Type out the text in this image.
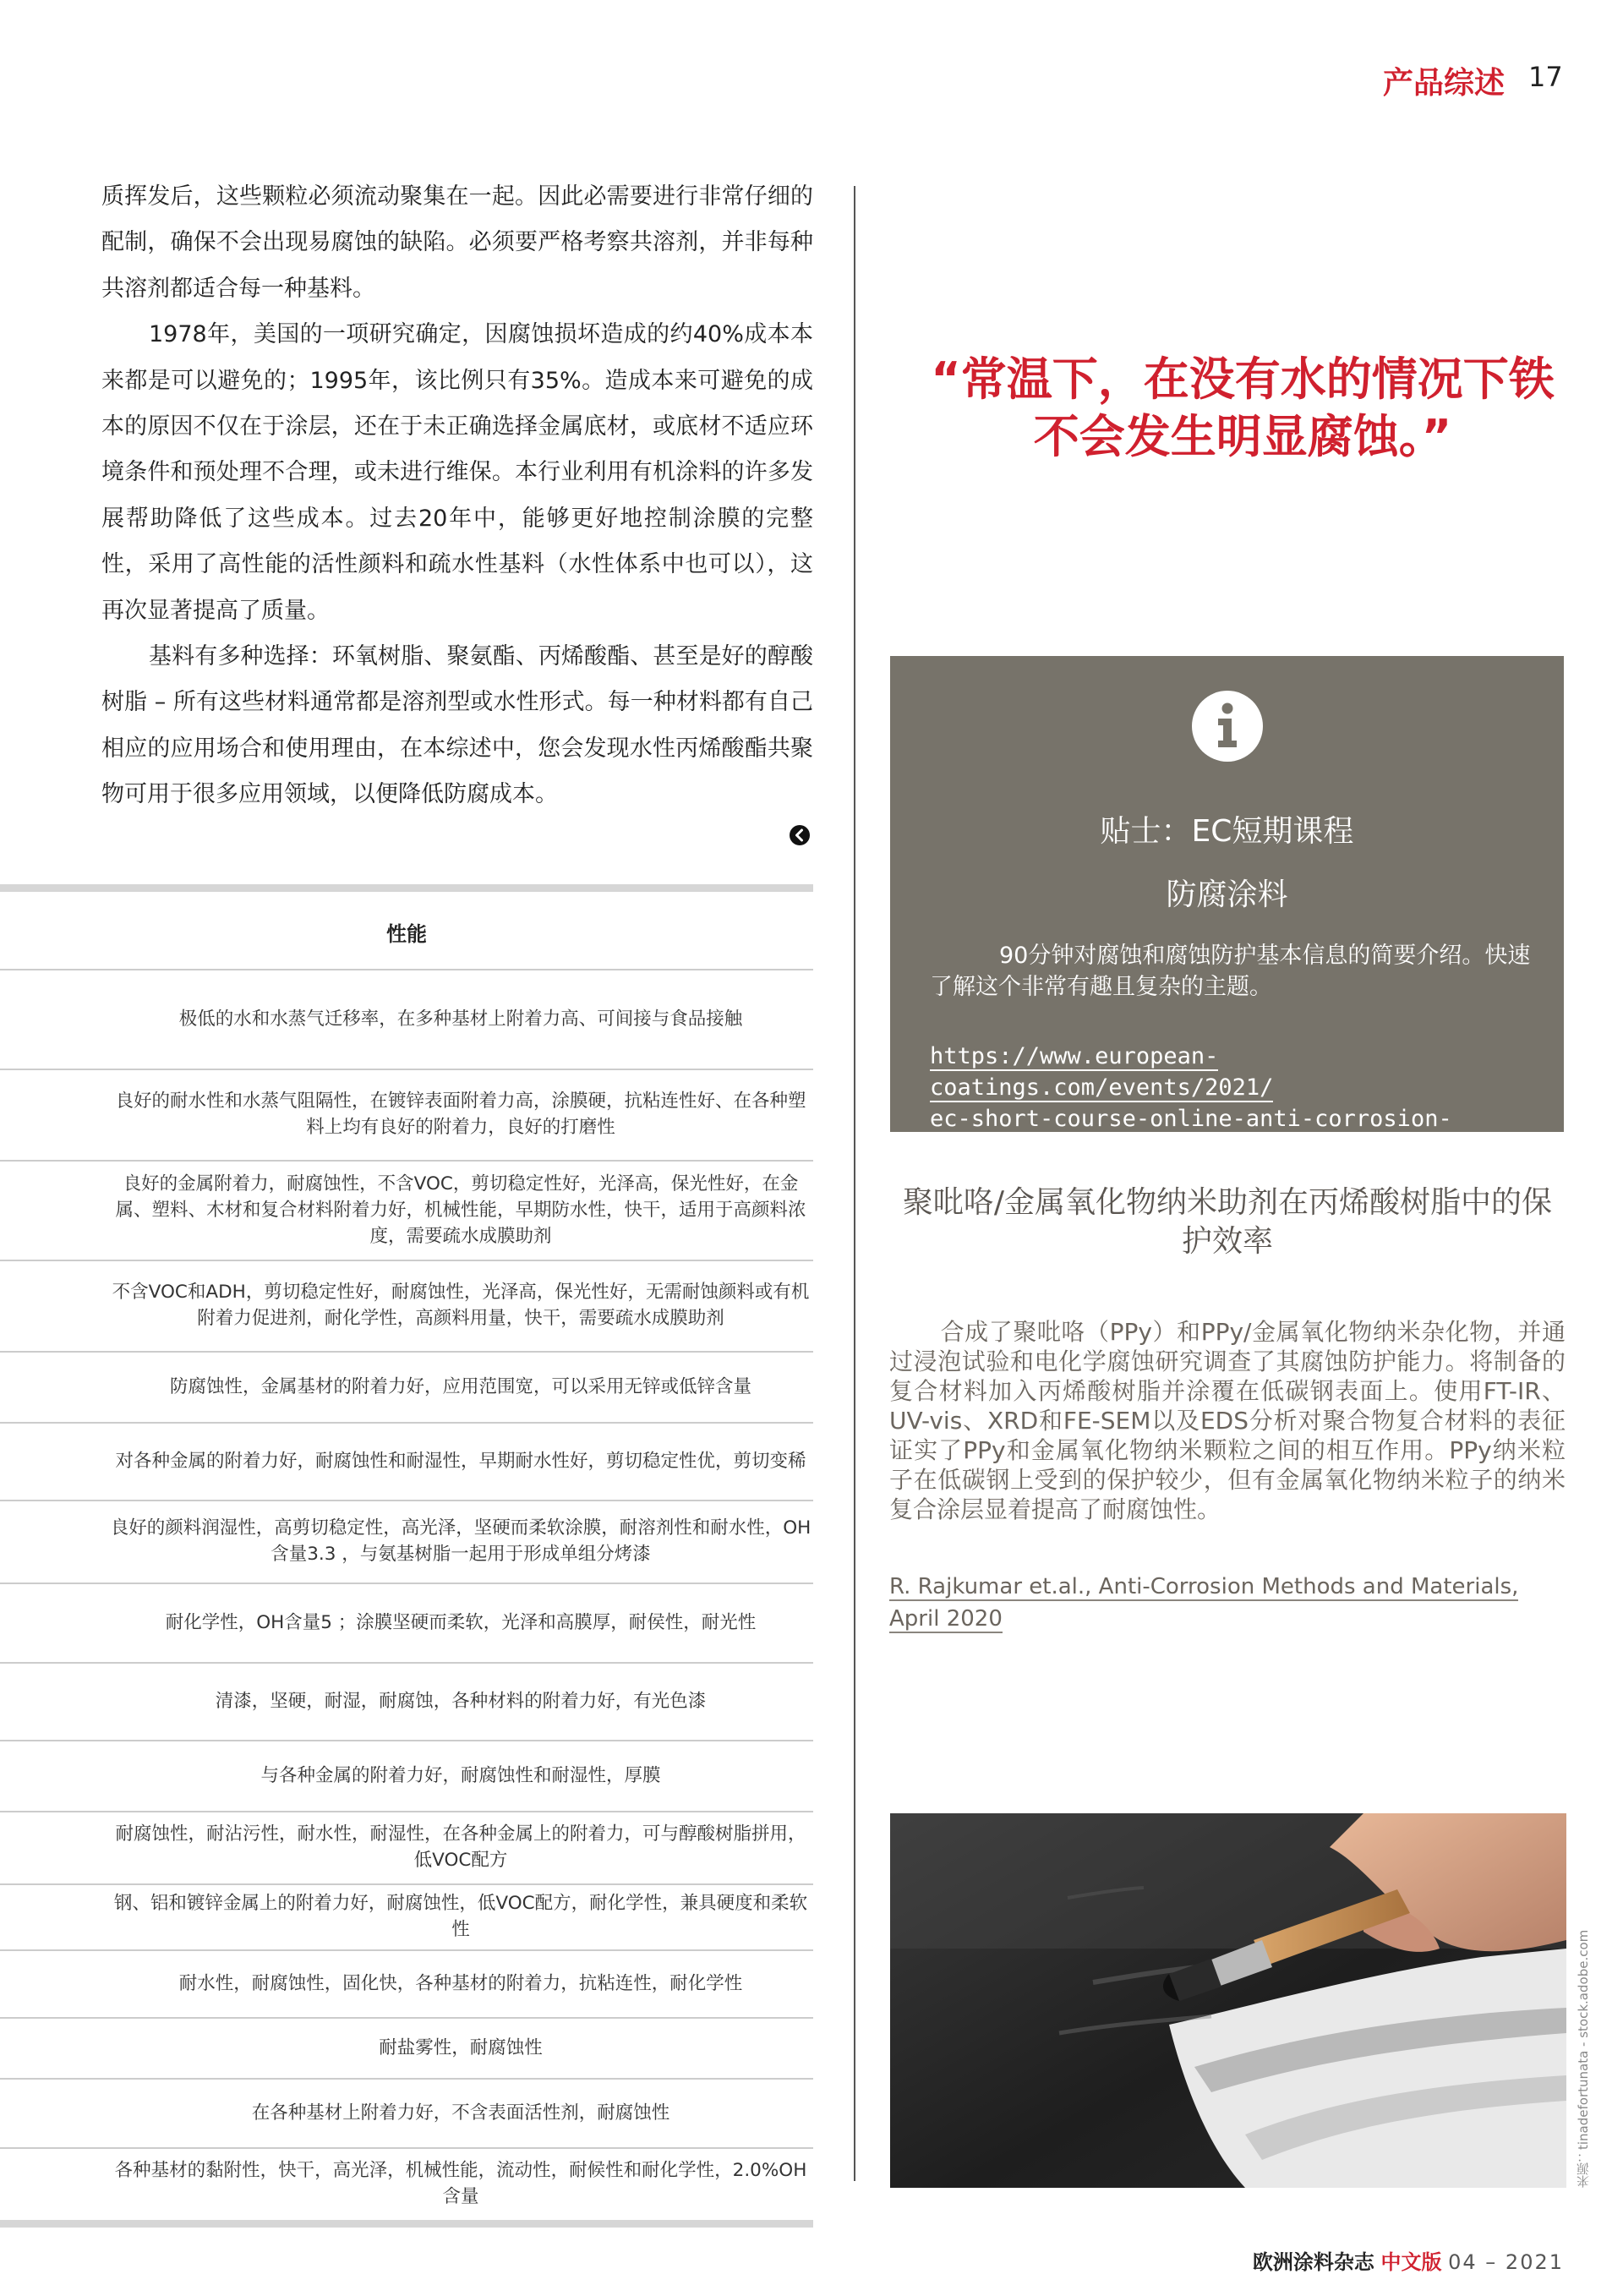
产品综述 17

质挥发后，这些颗粒必须流动聚集在一起。因此必需要进行非常仔细的配制，确保不会出现易腐蚀的缺陷。必须要严格考察共溶剂，并非每种共溶剂都适合每一种基料。

1978年，美国的一项研究确定，因腐蚀损坏造成的约40%成本本来都是可以避免的；1995年，该比例只有35%。造成本来可避免的成本的原因不仅在于涂层，还在于未正确选择金属底材，或底材不适应环境条件和预处理不合理，或未进行维保。本行业利用有机涂料的许多发展帮助降低了这些成本。过去20年中，能够更好地控制涂膜的完整性，采用了高性能的活性颜料和疏水性基料（水性体系中也可以），这再次显著提高了质量。

基料有多种选择：环氧树脂、聚氨酯、丙烯酸酯、甚至是好的醇酸树脂 – 所有这些材料通常都是溶剂型或水性形式。每一种材料都有自己相应的应用场合和使用理由，在本综述中，您会发现水性丙烯酸酯共聚物可用于很多应用领域，以便降低防腐成本。

性能
极低的水和水蒸气迁移率，在多种基材上附着力高、可间接与食品接触
良好的耐水性和水蒸气阻隔性，在镀锌表面附着力高，涂膜硬，抗粘连性好、在各种塑料上均有良好的附着力，良好的打磨性
良好的金属附着力，耐腐蚀性，不含VOC，剪切稳定性好，光泽高，保光性好，在金属、塑料、木材和复合材料附着力好，机械性能，早期防水性，快干，适用于高颜料浓度，需要疏水成膜助剂
不含VOC和ADH，剪切稳定性好，耐腐蚀性，光泽高，保光性好，无需耐蚀颜料或有机附着力促进剂，耐化学性，高颜料用量，快干，需要疏水成膜助剂
防腐蚀性，金属基材的附着力好，应用范围宽，可以采用无锌或低锌含量
对各种金属的附着力好，耐腐蚀性和耐湿性，早期耐水性好，剪切稳定性优，剪切变稀
良好的颜料润湿性，高剪切稳定性，高光泽，坚硬而柔软涂膜，耐溶剂性和耐水性，OH含量3.3 ，与氨基树脂一起用于形成单组分烤漆
耐化学性，OH含量5 ；涂膜坚硬而柔软，光泽和高膜厚，耐侯性，耐光性
清漆，坚硬，耐湿，耐腐蚀，各种材料的附着力好，有光色漆
与各种金属的附着力好，耐腐蚀性和耐湿性，厚膜
耐腐蚀性，耐沾污性，耐水性，耐湿性，在各种金属上的附着力，可与醇酸树脂拼用，低VOC配方
钢、铝和镀锌金属上的附着力好，耐腐蚀性，低VOC配方，耐化学性，兼具硬度和柔软性
耐水性，耐腐蚀性，固化快，各种基材的附着力，抗粘连性，耐化学性
耐盐雾性，耐腐蚀性
在各种基材上附着力好，不含表面活性剂，耐腐蚀性
各种基材的黏附性，快干，高光泽，机械性能，流动性，耐候性和耐化学性，2.0%OH含量
“常温下，在没有水的情况下铁不会发生明显腐蚀。”
贴士：EC短期课程
防腐涂料
90分钟对腐蚀和腐蚀防护基本信息的简要介绍。快速了解这个非常有趣且复杂的主题。
https://www.european-coatings.com/events/2021/
ec-short-course-online-anti-corrosion-coatings
聚吡咯/金属氧化物纳米助剂在丙烯酸树脂中的保护效率
合成了聚吡咯（PPy）和PPy/金属氧化物纳米杂化物，并通过浸泡试验和电化学腐蚀研究调查了其腐蚀防护能力。将制备的复合材料加入丙烯酸树脂并涂覆在低碳钢表面上。使用FT-IR、UV-vis、XRD和FE-SEM以及EDS分析对聚合物复合材料的表征证实了PPy和金属氧化物纳米颗粒之间的相互作用。PPy纳米粒子在低碳钢上受到的保护较少，但有金属氧化物纳米粒子的纳米复合涂层显着提高了耐腐蚀性。
R. Rajkumar et.al., Anti-Corrosion Methods and Materials, April 2020
来源：tinadefortunata - stock.adobe.com
欧洲涂料杂志 中文版 04 – 2021
